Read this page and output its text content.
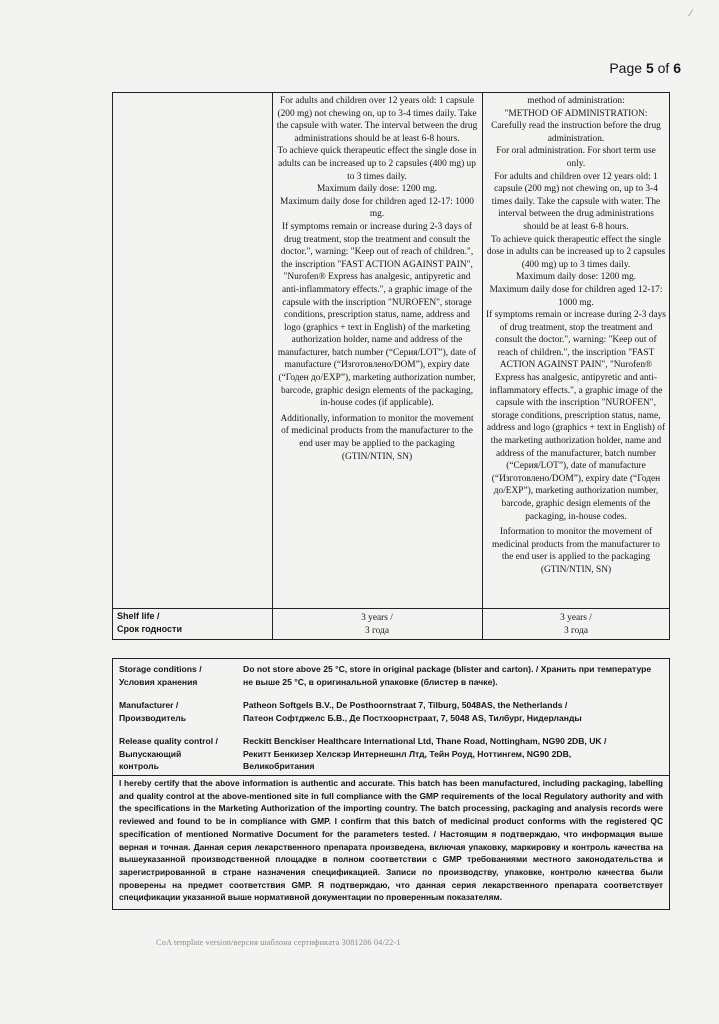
⁄
Page 5 of 6

For adults and children over 12 years old: 1 capsule (200 mg) not chewing on, up to 3-4 times daily. Take the capsule with water. The interval between the drug administrations should be at least 6-8 hours.

To achieve quick therapeutic effect the single dose in adults can be increased up to 2 capsules (400 mg) up to 3 times daily.

Maximum daily dose: 1200 mg.

Maximum daily dose for children aged 12-17: 1000 mg.

If symptoms remain or increase during 2-3 days of drug treatment, stop the treatment and consult the doctor.", warning: "Keep out of reach of children.", the inscription "FAST ACTION AGAINST PAIN", "Nurofen® Express has analgesic, antipyretic and anti-inflammatory effects.", a graphic image of the capsule with the inscription "NUROFEN", storage conditions, prescription status, name, address and logo (graphics + text in English) of the marketing authorization holder, name and address of the manufacturer, batch number (“Серия/LOT”), date of manufacture (“Изготовлено/DOM”), expiry date (“Годен до/EXP”), marketing authorization number, barcode, graphic design elements of the packaging, in-house codes (if applicable).

Additionally, information to monitor the movement of medicinal products from the manufacturer to the end user may be applied to the packaging (GTIN/NTIN, SN)

method of administration:

"METHOD OF ADMINISTRATION:

Carefully read the instruction before the drug administration.

For oral administration. For short term use only.

For adults and children over 12 years old: 1 capsule (200 mg) not chewing on, up to 3-4 times daily. Take the capsule with water. The interval between the drug administrations should be at least 6-8 hours.

To achieve quick therapeutic effect the single dose in adults can be increased up to 2 capsules (400 mg) up to 3 times daily.

Maximum daily dose: 1200 mg.

Maximum daily dose for children aged 12-17: 1000 mg.

If symptoms remain or increase during 2-3 days of drug treatment, stop the treatment and consult the doctor.", warning: "Keep out of reach of children.", the inscription "FAST ACTION AGAINST PAIN", "Nurofen® Express has analgesic, antipyretic and anti-inflammatory effects.", a graphic image of the capsule with the inscription "NUROFEN", storage conditions, prescription status, name, address and logo (graphics + text in English) of the marketing authorization holder, name and address of the manufacturer, batch number (“Серия/LOT”), date of manufacture (“Изготовлено/DOM”), expiry date (“Годен до/EXP”), marketing authorization number, barcode, graphic design elements of the packaging, in-house codes.

Information to monitor the movement of medicinal products from the manufacturer to the end user is applied to the packaging (GTIN/NTIN, SN)

Shelf life /
Срок годности
3 years /
3 года
3 years /
3 года
Storage conditions /
Условия хранения
Do not store above 25 °C, store in original package (blister and carton). / Хранить при температуре не выше 25 °C, в оригинальной упаковке (блистер в пачке).
Manufacturer /
Производитель
Patheon Softgels B.V., De Posthoornstraat 7, Tilburg, 5048AS, the Netherlands /
Патеон Софтджелс Б.В., Де Постхоорнстраат, 7, 5048 AS, Тилбург, Нидерланды
Release quality control /
Выпускающий
контроль
Reckitt Benckiser Healthcare International Ltd, Thane Road, Nottingham, NG90 2DB, UK /
Рекитт Бенкизер Хелскэр Интернешнл Лтд, Тейн Роуд, Ноттингем, NG90 2DB,
Великобритания
I hereby certify that the above information is authentic and accurate. This batch has been manufactured, including packaging, labelling and quality control at the above-mentioned site in full compliance with the GMP requirements of the local Regulatory authority and with the specifications in the Marketing Authorization of the importing country. The batch processing, packaging and analysis records were reviewed and found to be in compliance with GMP. I confirm that this batch of medicinal product conforms with the registered QC specification of mentioned Normative Document for the parameters tested. / Настоящим я подтверждаю, что информация выше верная и точная. Данная серия лекарственного препарата произведена, включая упаковку, маркировку и контроль качества на вышеуказанной производственной площадке в полном соответствии с GMP требованиями местного законодательства и зарегистрированной в стране назначения спецификацией. Записи по производству, упаковке, контролю качества были проверены на предмет соответствия GMP. Я подтверждаю, что данная серия лекарственного препарата соответствует спецификации указанной выше нормативной документации по проверенным показателям.
CoA template version/версия шаблона сертификата 3081286 04/22-1
